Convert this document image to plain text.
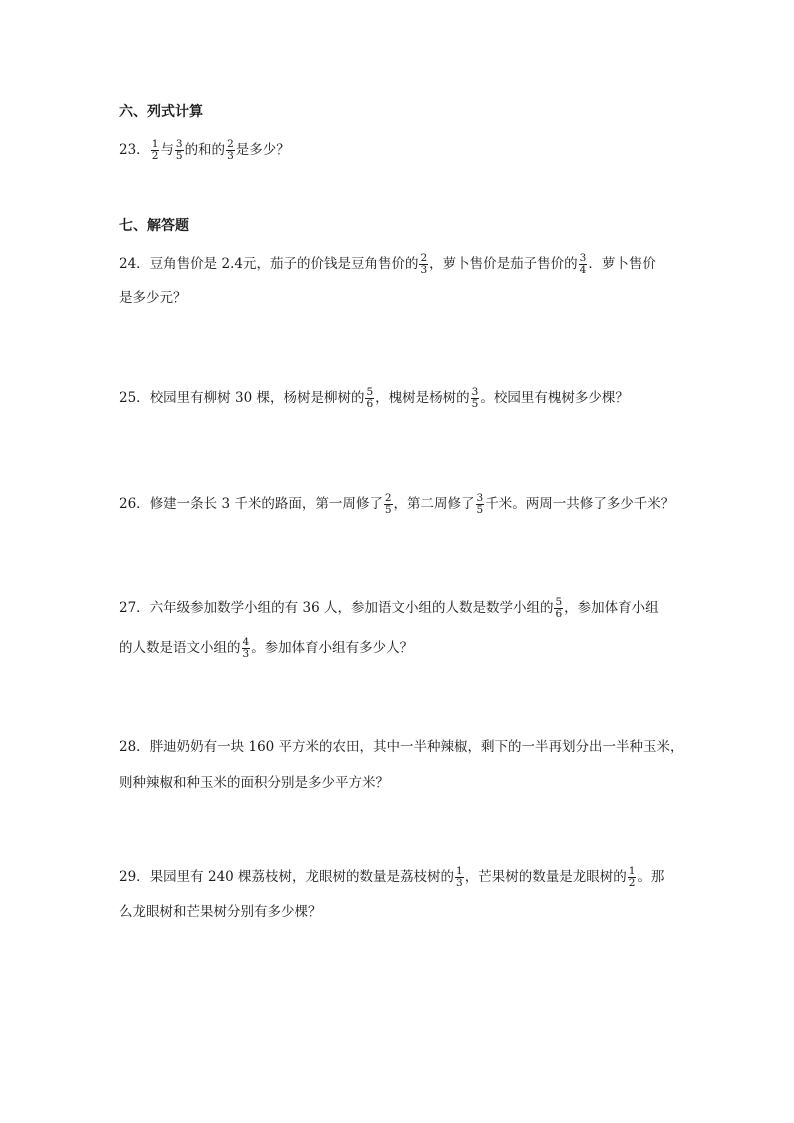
六、列式计算
23． $\frac{1}{2}$ 与 $\frac{3}{5}$ 的和的 $\frac{2}{3}$ 是多少？
七、解答题
24．豆角售价是 2.4元，茄子的价钱是豆角售价的 $\frac{2}{3}$ ，萝卜售价是茄子售价的 $\frac{3}{4}$ ．萝卜售价
是多少元？
25．校园里有柳树 30 棵，杨树是柳树的 $\frac{5}{6}$ ，槐树是杨树的 $\frac{3}{5}$ 。校园里有槐树多少棵？
26．修建一条长 3 千米的路面，第一周修了 $\frac{2}{5}$ ，第二周修了 $\frac{3}{5}$ 千米。两周一共修了多少千米？
27．六年级参加数学小组的有 36 人，参加语文小组的人数是数学小组的 $\frac{5}{6}$ ，参加体育小组
的人数是语文小组的 $\frac{4}{3}$ 。参加体育小组有多少人？
28．胖迪奶奶有一块 160 平方米的农田，其中一半种辣椒，剩下的一半再划分出一半种玉米，
则种辣椒和种玉米的面积分别是多少平方米？
29．果园里有 240 棵荔枝树，龙眼树的数量是荔枝树的 $\frac{1}{3}$ ，芒果树的数量是龙眼树的 $\frac{1}{2}$ 。那
么龙眼树和芒果树分别有多少棵？
